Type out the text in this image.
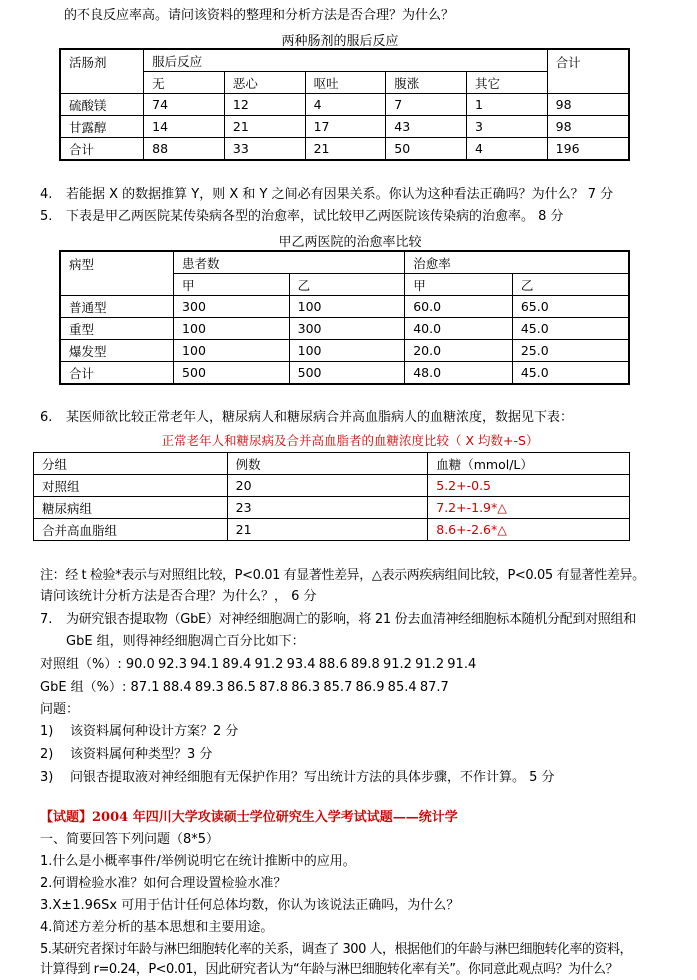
的不良反应率高。请问该资料的整理和分析方法是否合理？为什么？
两种肠剂的服后反应
活肠剂	服后反应					合计
	无	恶心	呕吐	腹涨	其它	
硫酸镁	74	12	4	7	1	98
甘露醇	14	21	17	43	3	98
合计	88	33	21	50	4	196
4. 若能据 X 的数据推算 Y，则 X 和 Y 之间必有因果关系。你认为这种看法正确吗？为什么？ 7 分
5. 下表是甲乙两医院某传染病各型的治愈率，试比较甲乙两医院该传染病的治愈率。 8 分
甲乙两医院的治愈率比较
病型	患者数		治愈率	
	甲	乙	甲	乙
普通型	300	100	60.0	65.0
重型	100	300	40.0	45.0
爆发型	100	100	20.0	25.0
合计	500	500	48.0	45.0
6. 某医师欲比较正常老年人，糖尿病人和糖尿病合并高血脂病人的血糖浓度，数据见下表：
正常老年人和糖尿病及合并高血脂者的血糖浓度比较（ X 均数+-S）
分组	例数	血糖（mmol/L）
对照组	20	5.2+-0.5
糖尿病组	23	7.2+-1.9*△
合并高血脂组	21	8.6+-2.6*△
注：经 t 检验*表示与对照组比较，P<0.01 有显著性差异，△表示两疾病组间比较，P<0.05 有显著性差异。
请问该统计分析方法是否合理？为什么？， 6 分
7. 为研究银杏提取物（GbE）对神经细胞凋亡的影响，将 21 份去血清神经细胞标本随机分配到对照组和
GbE 组，则得神经细胞凋亡百分比如下：
对照组（%）: 90.0 92.3 94.1 89.4 91.2 93.4 88.6 89.8 91.2 91.2 91.4
GbE 组（%）: 87.1 88.4 89.3 86.5 87.8 86.3 85.7 86.9 85.4 87.7
问题：
1) 该资料属何种设计方案？2 分
2) 该资料属何种类型？3 分
3) 问银杏提取液对神经细胞有无保护作用？写出统计方法的具体步骤，不作计算。 5 分
【试题】2004 年四川大学攻读硕士学位研究生入学考试试题——统计学
一、简要回答下列问题（8*5）
1.什么是小概率事件/举例说明它在统计推断中的应用。
2.何谓检验水准？如何合理设置检验水准？
3.X±1.96Sx 可用于估计任何总体均数，你认为该说法正确吗，为什么？
4.简述方差分析的基本思想和主要用途。
5.某研究者探讨年龄与淋巴细胞转化率的关系，调查了 300 人，根据他们的年龄与淋巴细胞转化率的资料，
计算得到 r=0.24，P<0.01，因此研究者认为“年龄与淋巴细胞转化率有关”。你同意此观点吗？为什么？
